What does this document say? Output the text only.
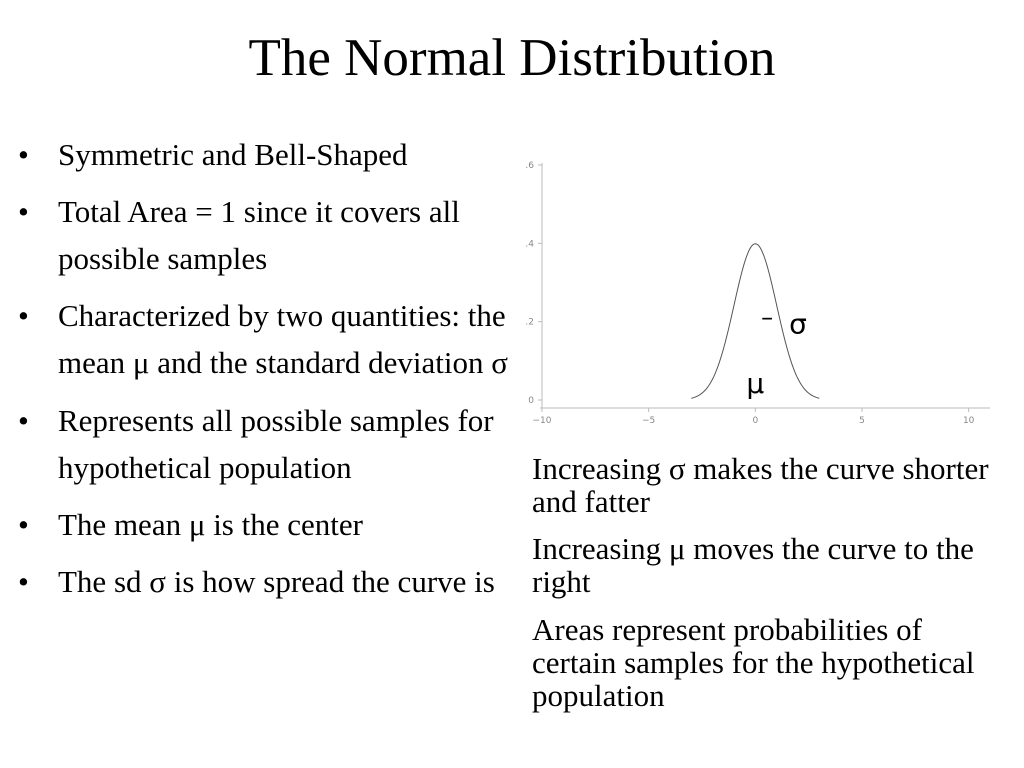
The Normal Distribution
• Symmetric and Bell-Shaped
• Total Area = 1 since it covers all possible samples
• Characterized by two quantities: the mean μ and the standard deviation σ
• Represents all possible samples for hypothetical population
• The mean μ is the center
• The sd σ is how spread the curve is
0
.2
.4
.6
−10	−5	0	5	10
μ
– σ

Increasing σ makes the curve shorter and fatter

Increasing μ moves the curve to the right

Areas represent probabilities of certain samples for the hypothetical population
